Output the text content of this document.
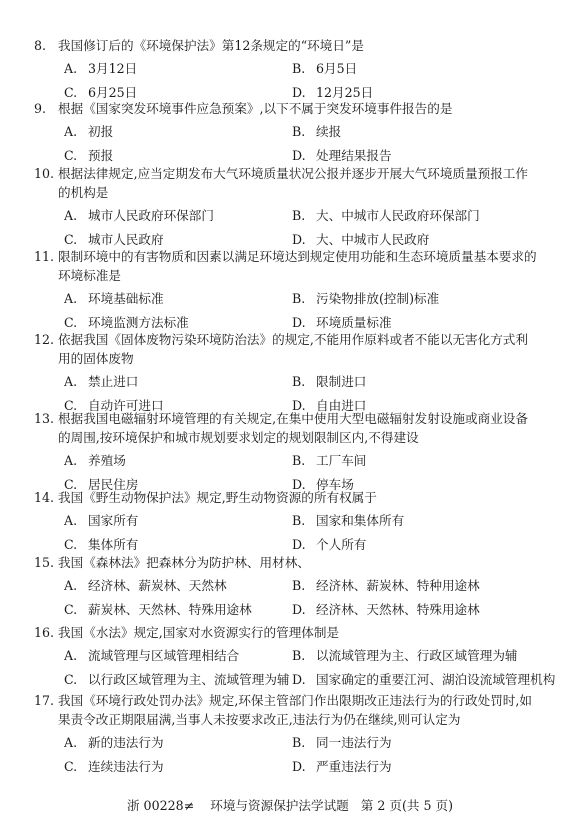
8. 我国修订后的《环境保护法》第12条规定的“环境日”是
A. 3月12日	B. 6月5日
C. 6月25日	D. 12月25日
9. 根据《国家突发环境事件应急预案》,以下不属于突发环境事件报告的是
A. 初报	B. 续报
C. 预报	D. 处理结果报告
10. 根据法律规定,应当定期发布大气环境质量状况公报并逐步开展大气环境质量预报工作
的机构是
A. 城市人民政府环保部门	B. 大、中城市人民政府环保部门
C. 城市人民政府	D. 大、中城市人民政府
11. 限制环境中的有害物质和因素以满足环境达到规定使用功能和生态环境质量基本要求的
环境标准是
A. 环境基础标准	B. 污染物排放(控制)标准
C. 环境监测方法标准	D. 环境质量标准
12. 依据我国《固体废物污染环境防治法》的规定,不能用作原料或者不能以无害化方式利
用的固体废物
A. 禁止进口	B. 限制进口
C. 自动许可进口	D. 自由进口
13. 根据我国电磁辐射环境管理的有关规定,在集中使用大型电磁辐射发射设施或商业设备
的周围,按环境保护和城市规划要求划定的规划限制区内,不得建设
A. 养殖场	B. 工厂车间
C. 居民住房	D. 停车场
14. 我国《野生动物保护法》规定,野生动物资源的所有权属于
A. 国家所有	B. 国家和集体所有
C. 集体所有	D. 个人所有
15. 我国《森林法》把森林分为防护林、用材林、
A. 经济林、薪炭林、天然林	B. 经济林、薪炭林、特种用途林
C. 薪炭林、天然林、特殊用途林	D. 经济林、天然林、特殊用途林
16. 我国《水法》规定,国家对水资源实行的管理体制是
A. 流域管理与区域管理相结合	B. 以流域管理为主、行政区域管理为辅
C. 以行政区域管理为主、流域管理为辅 D. 国家确定的重要江河、湖泊设流域管理机构
17. 我国《环境行政处罚办法》规定,环保主管部门作出限期改正违法行为的行政处罚时,如
果责令改正期限届满,当事人未按要求改正,违法行为仍在继续,则可认定为
A. 新的违法行为	B. 同一违法行为
C. 连续违法行为	D. 严重违法行为
浙 00228≠ 环境与资源保护法学试题 第 2 页(共 5 页)
